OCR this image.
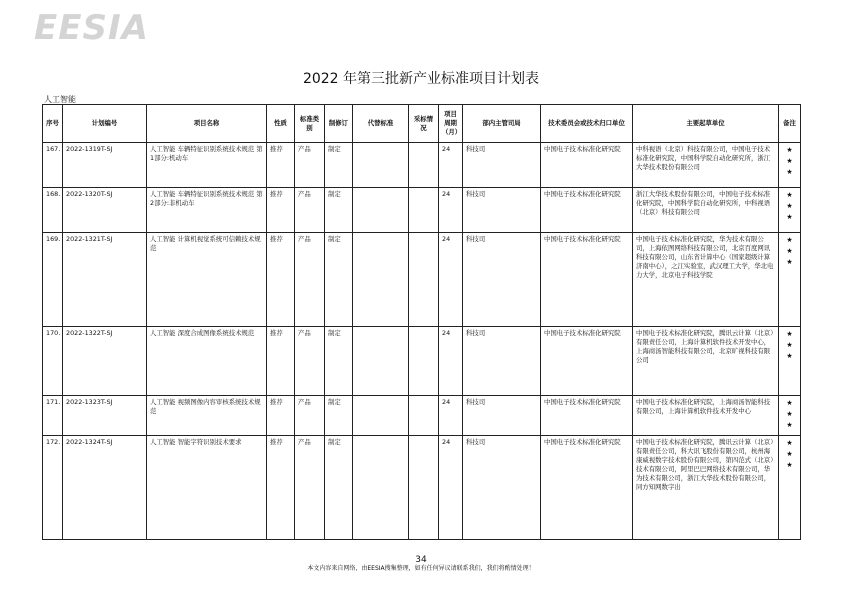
EESIA
2022 年第三批新产业标准项目计划表
人工智能
序号	计划编号	项目名称	性质	标准类别	制修订	代替标准	采标情况	项目周期（月）	部内主管司局	技术委员会或技术归口单位	主要起草单位	备注
167.	2022-1319T-SJ	人工智能 车辆特征识别系统技术规范 第1部分:机动车	推荐	产品	制定			24	科技司	中国电子技术标准化研究院	中科视语（北京）科技有限公司，中国电子技术标准化研究院，中国科学院自动化研究所，浙江大华技术股份有限公司	★
★
★

168.	2022-1320T-SJ	人工智能 车辆特征识别系统技术规范 第2部分:非机动车	推荐	产品	制定			24	科技司	中国电子技术标准化研究院	浙江大华技术股份有限公司，中国电子技术标准化研究院，中国科学院自动化研究所，中科视语（北京）科技有限公司	★
★
★

169.	2022-1321T-SJ	人工智能 计算机视觉系统可信赖技术规范	推荐	产品	制定			24	科技司	中国电子技术标准化研究院	中国电子技术标准化研究院，华为技术有限公司，上海依图网络科技有限公司，北京百度网讯科技有限公司，山东省计算中心（国家超级计算济南中心），之江实验室，武汉理工大学，华北电力大学，北京电子科技学院	★
★
★

170.	2022-1322T-SJ	人工智能 深度合成图像系统技术规范	推荐	产品	制定			24	科技司	中国电子技术标准化研究院	中国电子技术标准化研究院，腾讯云计算（北京）有限责任公司，上海计算机软件技术开发中心，上海商汤智能科技有限公司，北京旷视科技有限公司	★
★
★

171.	2022-1323T-SJ	人工智能 视频图像内容审核系统技术规范	推荐	产品	制定			24	科技司	中国电子技术标准化研究院	中国电子技术标准化研究院，上海商汤智能科技有限公司，上海计算机软件技术开发中心	★
★
★

172.	2022-1324T-SJ	人工智能 智能字符识别技术要求	推荐	产品	制定			24	科技司	中国电子技术标准化研究院	中国电子技术标准化研究院，腾讯云计算（北京）有限责任公司，科大讯飞股份有限公司，杭州海康威视数字技术股份有限公司，第四范式（北京）技术有限公司，阿里巴巴网络技术有限公司，华为技术有限公司，浙江大华技术股份有限公司，同方知网数字出	★
★
★
34
本文内容来自网络，由EESIA搜集整理，如有任何异议请联系我们，我们将酌情处理！
